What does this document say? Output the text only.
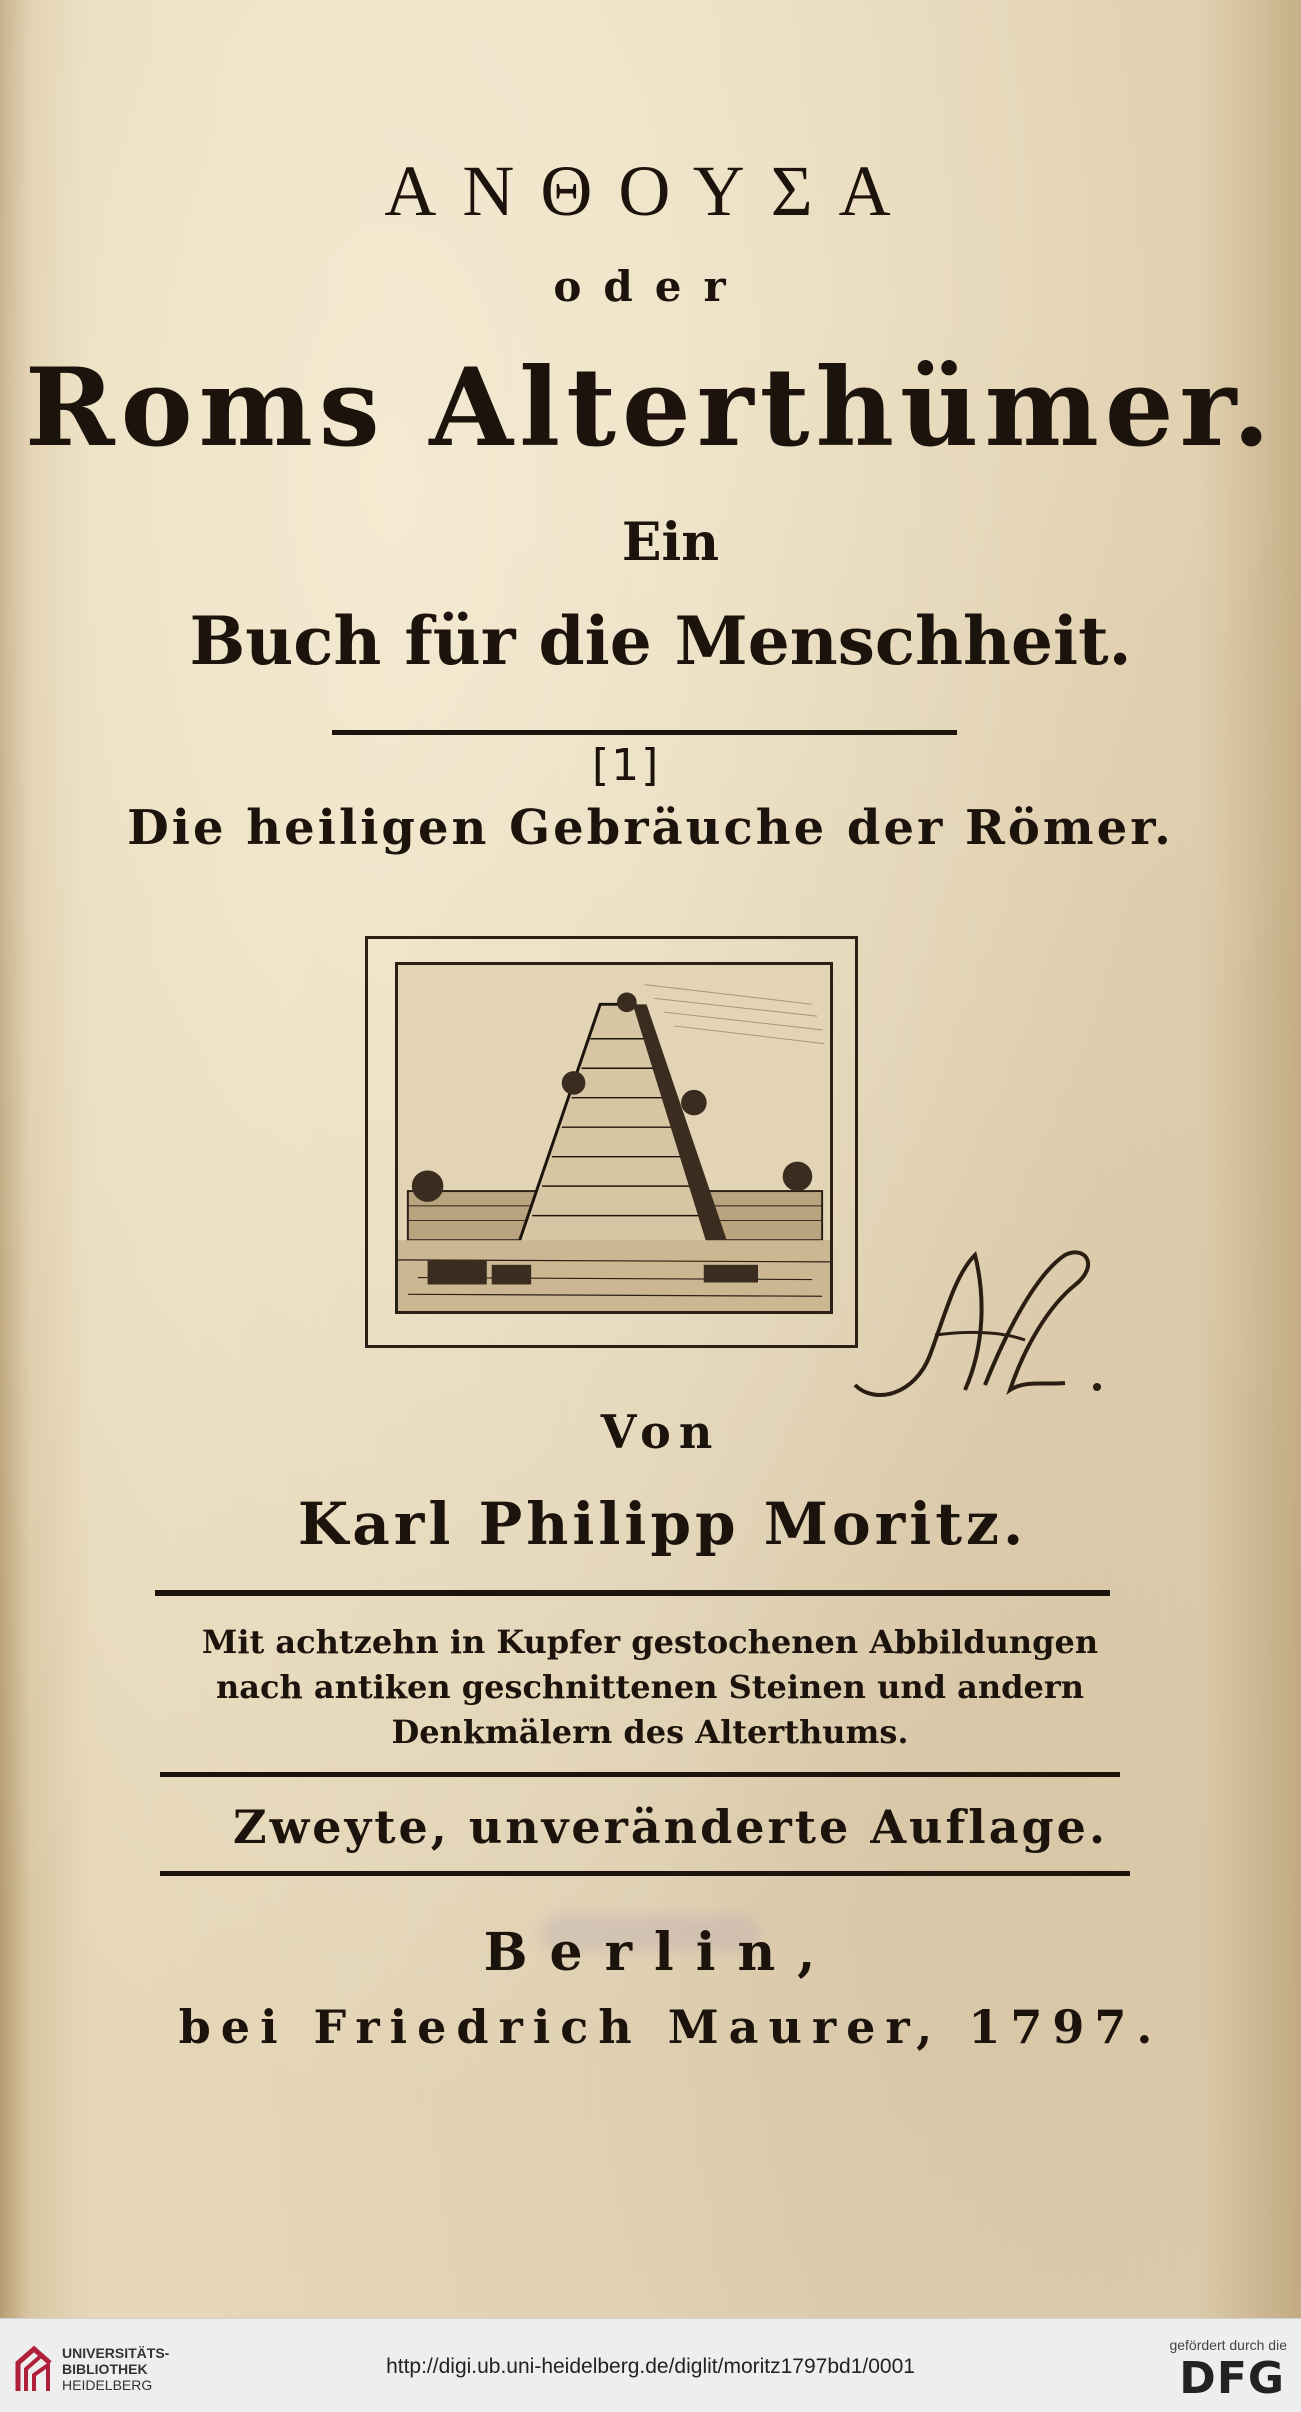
ΑΝΘΟΥΣΑ
oder
Roms Alterthümer.
Ein
Buch für die Menschheit.
[1]
Die heiligen Gebräuche der Römer.
Von
Karl Philipp Moritz.
Mit achtzehn in Kupfer gestochenen Abbildungen nach antiken geschnittenen Steinen und andern Denkmälern des Alterthums.
Zweyte, unveränderte Auflage.
Berlin,
bei Friedrich Maurer, 1797.
UNIVERSITÄTS-
BIBLIOTHEK
HEIDELBERG
http://digi.ub.uni-heidelberg.de/diglit/moritz1797bd1/0001
gefördert durch die
DFG
